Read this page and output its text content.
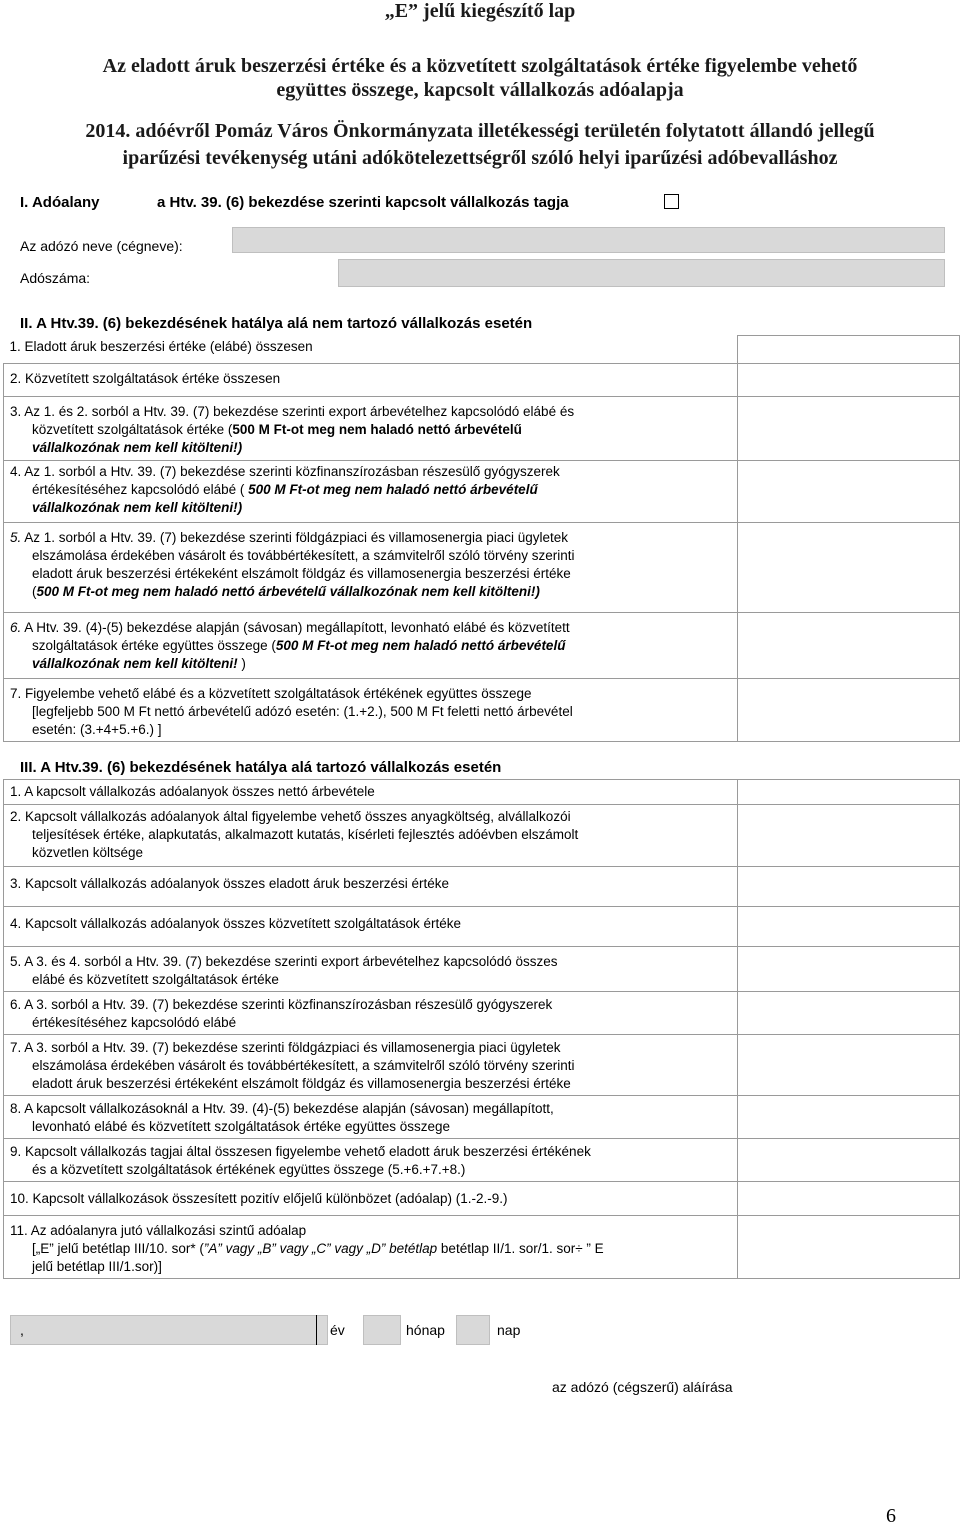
„E” jelű kiegészítő lap
Az eladott áruk beszerzési értéke és a közvetített szolgáltatások értéke figyelembe vehető
együttes összege, kapcsolt vállalkozás adóalapja
2014. adóévről Pomáz Város Önkormányzata illetékességi területén folytatott állandó jellegű
iparűzési tevékenység utáni adókötelezettségről szóló helyi iparűzési adóbevalláshoz
I. Adóalany	a Htv. 39. (6) bekezdése szerinti kapcsolt vállalkozás tagja
Az adózó neve (cégneve):
Adószáma:
II. A Htv.39. (6) bekezdésének hatálya alá nem tartozó vállalkozás esetén
1. Eladott áruk beszerzési értéke (elábé) összesen	
2. Közvetített szolgáltatások értéke összesen	
3. Az 1. és 2. sorból a Htv. 39. (7) bekezdése szerinti export árbevételhez kapcsolódó elábé és
közvetített szolgáltatások értéke (500 M Ft-ot meg nem haladó nettó árbevételű
vállalkozónak nem kell kitölteni!)	

4. Az 1. sorból a Htv. 39. (7) bekezdése szerinti közfinanszírozásban részesülő gyógyszerek
értékesítéséhez kapcsolódó elábé ( 500 M Ft-ot meg nem haladó nettó árbevételű
vállalkozónak nem kell kitölteni!)	

5. Az 1. sorból a Htv. 39. (7) bekezdése szerinti földgázpiaci és villamosenergia piaci ügyletek
elszámolása érdekében vásárolt és továbbértékesített, a számvitelről szóló törvény szerinti
eladott áruk beszerzési értékeként elszámolt földgáz és villamosenergia beszerzési értéke
(500 M Ft-ot meg nem haladó nettó árbevételű vállalkozónak nem kell kitölteni!)	

6. A Htv. 39. (4)-(5) bekezdése alapján (sávosan) megállapított, levonható elábé és közvetített
szolgáltatások értéke együttes összege (500 M Ft-ot meg nem haladó nettó árbevételű
vállalkozónak nem kell kitölteni! )	

7. Figyelembe vehető elábé és a közvetített szolgáltatások értékének együttes összege
[legfeljebb 500 M Ft nettó árbevételű adózó esetén: (1.+2.), 500 M Ft feletti nettó árbevétel
esetén: (3.+4+5.+6.) ]	

III. A Htv.39. (6) bekezdésének hatálya alá tartozó vállalkozás esetén
1. A kapcsolt vállalkozás adóalanyok összes nettó árbevétele	
2. Kapcsolt vállalkozás adóalanyok által figyelembe vehető összes anyagköltség, alvállalkozói
teljesítések értéke, alapkutatás, alkalmazott kutatás, kísérleti fejlesztés adóévben elszámolt
közvetlen költsége	

3. Kapcsolt vállalkozás adóalanyok összes eladott áruk beszerzési értéke	
4. Kapcsolt vállalkozás adóalanyok összes közvetített szolgáltatások értéke	
5. A 3. és 4. sorból a Htv. 39. (7) bekezdése szerinti export árbevételhez kapcsolódó összes
elábé és közvetített szolgáltatások értéke	

6. A 3. sorból a Htv. 39. (7) bekezdése szerinti közfinanszírozásban részesülő gyógyszerek
értékesítéséhez kapcsolódó elábé	

7. A 3. sorból a Htv. 39. (7) bekezdése szerinti földgázpiaci és villamosenergia piaci ügyletek
elszámolása érdekében vásárolt és továbbértékesített, a számvitelről szóló törvény szerinti
eladott áruk beszerzési értékeként elszámolt földgáz és villamosenergia beszerzési értéke	

8. A kapcsolt vállalkozásoknál a Htv. 39. (4)-(5) bekezdése alapján (sávosan) megállapított,
levonható elábé és közvetített szolgáltatások értéke együttes összege	

9. Kapcsolt vállalkozás tagjai által összesen figyelembe vehető eladott áruk beszerzési értékének
és a közvetített szolgáltatások értékének együttes összege (5.+6.+7.+8.)	

10. Kapcsolt vállalkozások összesített pozitív előjelű különbözet (adóalap) (1.-2.-9.)	
11. Az adóalanyra jutó vállalkozási szintű adóalap
[„E” jelű betétlap III/10. sor* (”A” vagy „B” vagy „C” vagy „D” betétlap betétlap II/1. sor/1. sor÷ ” E
jelű betétlap III/1.sor)]	

,	év	hónap	nap
az adózó (cégszerű) aláírása
6
